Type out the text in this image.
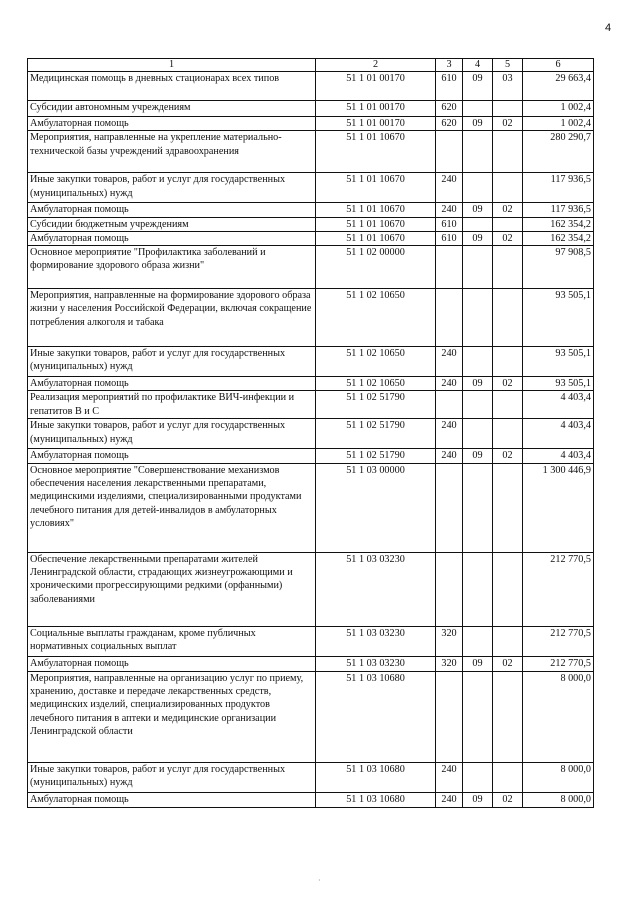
4
1	2	3	4	5	6
Медицинская помощь в дневных стационарах всех типов	51 1 01 00170	610	09	03	29 663,4
Субсидии автономным учреждениям	51 1 01 00170	620			1 002,4
Амбулаторная помощь	51 1 01 00170	620	09	02	1 002,4
Мероприятия, направленные на укрепление материально-технической базы учреждений здравоохранения	51 1 01 10670				280 290,7
Иные закупки товаров, работ и услуг для государственных (муниципальных) нужд	51 1 01 10670	240			117 936,5
Амбулаторная помощь	51 1 01 10670	240	09	02	117 936,5
Субсидии бюджетным учреждениям	51 1 01 10670	610			162 354,2
Амбулаторная помощь	51 1 01 10670	610	09	02	162 354,2
Основное мероприятие "Профилактика заболеваний и формирование здорового образа жизни"	51 1 02 00000				97 908,5
Мероприятия, направленные на формирование здорового образа жизни у населения Российской Федерации, включая сокращение потребления алкоголя и табака	51 1 02 10650				93 505,1
Иные закупки товаров, работ и услуг для государственных (муниципальных) нужд	51 1 02 10650	240			93 505,1
Амбулаторная помощь	51 1 02 10650	240	09	02	93 505,1
Реализация мероприятий по профилактике ВИЧ-инфекции и гепатитов В и С	51 1 02 51790				4 403,4
Иные закупки товаров, работ и услуг для государственных (муниципальных) нужд	51 1 02 51790	240			4 403,4
Амбулаторная помощь	51 1 02 51790	240	09	02	4 403,4
Основное мероприятие "Совершенствование механизмов обеспечения населения лекарственными препаратами, медицинскими изделиями, специализированными продуктами лечебного питания для детей-инвалидов в амбулаторных условиях"	51 1 03 00000				1 300 446,9
Обеспечение лекарственными препаратами жителей Ленинградской области, страдающих жизнеугрожающими и хроническими прогрессирующими редкими (орфанными) заболеваниями	51 1 03 03230				212 770,5
Социальные выплаты гражданам, кроме публичных нормативных социальных выплат	51 1 03 03230	320			212 770,5
Амбулаторная помощь	51 1 03 03230	320	09	02	212 770,5
Мероприятия, направленные на организацию услуг по приему, хранению, доставке и передаче лекарственных средств, медицинских изделий, специализированных продуктов лечебного питания в аптеки и медицинские организации Ленинградской области	51 1 03 10680				8 000,0
Иные закупки товаров, работ и услуг для государственных (муниципальных) нужд	51 1 03 10680	240			8 000,0
Амбулаторная помощь	51 1 03 10680	240	09	02	8 000,0
·
